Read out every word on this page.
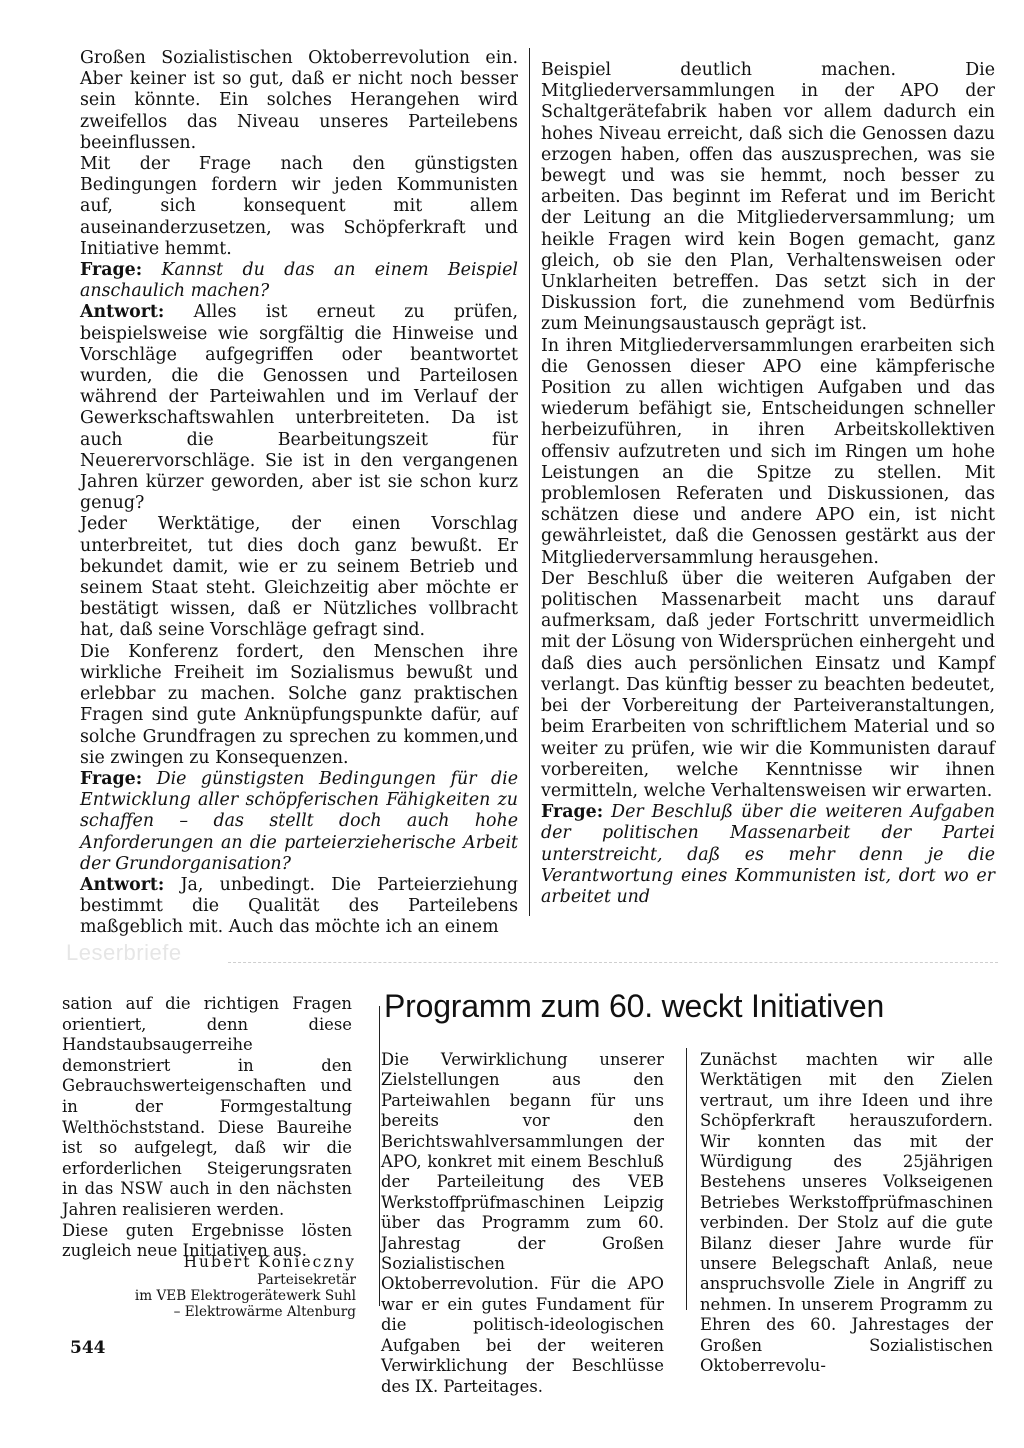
Großen Sozialistischen Oktoberrevolution ein. Aber keiner ist so gut, daß er nicht noch besser sein könnte. Ein solches Herangehen wird zweifellos das Niveau unseres Parteilebens beeinflussen.

Mit der Frage nach den günstigsten Bedingungen fordern wir jeden Kommunisten auf, sich konsequent mit allem auseinanderzusetzen, was Schöpferkraft und Initiative hemmt.

Frage: Kannst du das an einem Beispiel anschaulich machen?

Antwort: Alles ist erneut zu prüfen, beispielsweise wie sorgfältig die Hinweise und Vorschläge aufgegriffen oder beantwortet wurden, die die Genossen und Parteilosen während der Parteiwahlen und im Verlauf der Gewerkschaftswahlen unterbreiteten. Da ist auch die Bearbeitungszeit für Neuerervorschläge. Sie ist in den vergangenen Jahren kürzer geworden, aber ist sie schon kurz genug?

Jeder Werktätige, der einen Vorschlag unterbreitet, tut dies doch ganz bewußt. Er bekundet damit, wie er zu seinem Betrieb und seinem Staat steht. Gleichzeitig aber möchte er bestätigt wissen, daß er Nützliches vollbracht hat, daß seine Vorschläge gefragt sind.

Die Konferenz fordert, den Menschen ihre wirkliche Freiheit im Sozialismus bewußt und erlebbar zu machen. Solche ganz praktischen Fragen sind gute Anknüpfungspunkte dafür, auf solche Grundfragen zu sprechen zu kommen,und sie zwingen zu Konsequenzen.

Frage: Die günstigsten Bedingungen für die Entwicklung aller schöpferischen Fähigkeiten zu schaffen – das stellt doch auch hohe Anforderungen an die parteierzieherische Arbeit der Grundorganisation?

Antwort: Ja, unbedingt. Die Parteierziehung bestimmt die Qualität des Parteilebens maßgeblich mit. Auch das möchte ich an einem

Beispiel deutlich machen. Die Mitgliederversammlungen in der APO der Schaltgerätefabrik haben vor allem dadurch ein hohes Niveau erreicht, daß sich die Genossen dazu erzogen haben, offen das auszusprechen, was sie bewegt und was sie hemmt, noch besser zu arbeiten. Das beginnt im Referat und im Bericht der Leitung an die Mitgliederversammlung; um heikle Fragen wird kein Bogen gemacht, ganz gleich, ob sie den Plan, Verhaltensweisen oder Unklarheiten betreffen. Das setzt sich in der Diskussion fort, die zunehmend vom Bedürfnis zum Meinungsaustausch geprägt ist.

In ihren Mitgliederversammlungen erarbeiten sich die Genossen dieser APO eine kämpferische Position zu allen wichtigen Aufgaben und das wiederum befähigt sie, Entscheidungen schneller herbeizuführen, in ihren Arbeitskollektiven offensiv aufzutreten und sich im Ringen um hohe Leistungen an die Spitze zu stellen. Mit problemlosen Referaten und Diskussionen, das schätzen diese und andere APO ein, ist nicht gewährleistet, daß die Genossen gestärkt aus der Mitgliederversammlung herausgehen.

Der Beschluß über die weiteren Aufgaben der politischen Massenarbeit macht uns darauf aufmerksam, daß jeder Fortschritt unvermeidlich mit der Lösung von Widersprüchen einhergeht und daß dies auch persönlichen Einsatz und Kampf verlangt. Das künftig besser zu beachten bedeutet, bei der Vorbereitung der Parteiveranstaltungen, beim Erarbeiten von schriftlichem Material und so weiter zu prüfen, wie wir die Kommunisten darauf vorbereiten, welche Kenntnisse wir ihnen vermitteln, welche Verhaltensweisen wir erwarten.

Frage: Der Beschluß über die weiteren Aufgaben der politischen Massenarbeit der Partei unterstreicht, daß es mehr denn je die Verantwortung eines Kommunisten ist, dort wo er arbeitet und

Leserbriefe

sation auf die richtigen Fragen orientiert, denn diese Handstaubsaugerreihe demonstriert in den Gebrauchswerteigenschaften und in der Formgestaltung Welthöchststand. Diese Baureihe ist so aufgelegt, daß wir die erforderlichen Steigerungsraten in das NSW auch in den nächsten Jahren realisieren werden.

Diese guten Ergebnisse lösten zugleich neue Initiativen aus.

Hubert Konieczny
Parteisekretär
im VEB Elektrogerätewerk Suhl
– Elektrowärme Altenburg
Programm zum 60. weckt Initiativen

Die Verwirklichung unserer Zielstellungen aus den Parteiwahlen begann für uns bereits vor den Berichtswahlversammlungen der APO, konkret mit einem Beschluß der Parteileitung des VEB Werkstoffprüfmaschinen Leipzig über das Programm zum 60. Jahrestag der Großen Sozialistischen Oktoberrevolution. Für die APO war er ein gutes Fundament für die politisch-ideologischen Aufgaben bei der weiteren Verwirklichung der Beschlüsse des IX. Parteitages.

Zunächst machten wir alle Werktätigen mit den Zielen vertraut, um ihre Ideen und ihre Schöpferkraft herauszufordern. Wir konnten das mit der Würdigung des 25jährigen Bestehens unseres Volkseigenen Betriebes Werkstoffprüfmaschinen verbinden. Der Stolz auf die gute Bilanz dieser Jahre wurde für unsere Belegschaft Anlaß, neue anspruchsvolle Ziele in Angriff zu nehmen. In unserem Programm zu Ehren des 60. Jahrestages der Großen Sozialistischen Oktoberrevolu-

544
